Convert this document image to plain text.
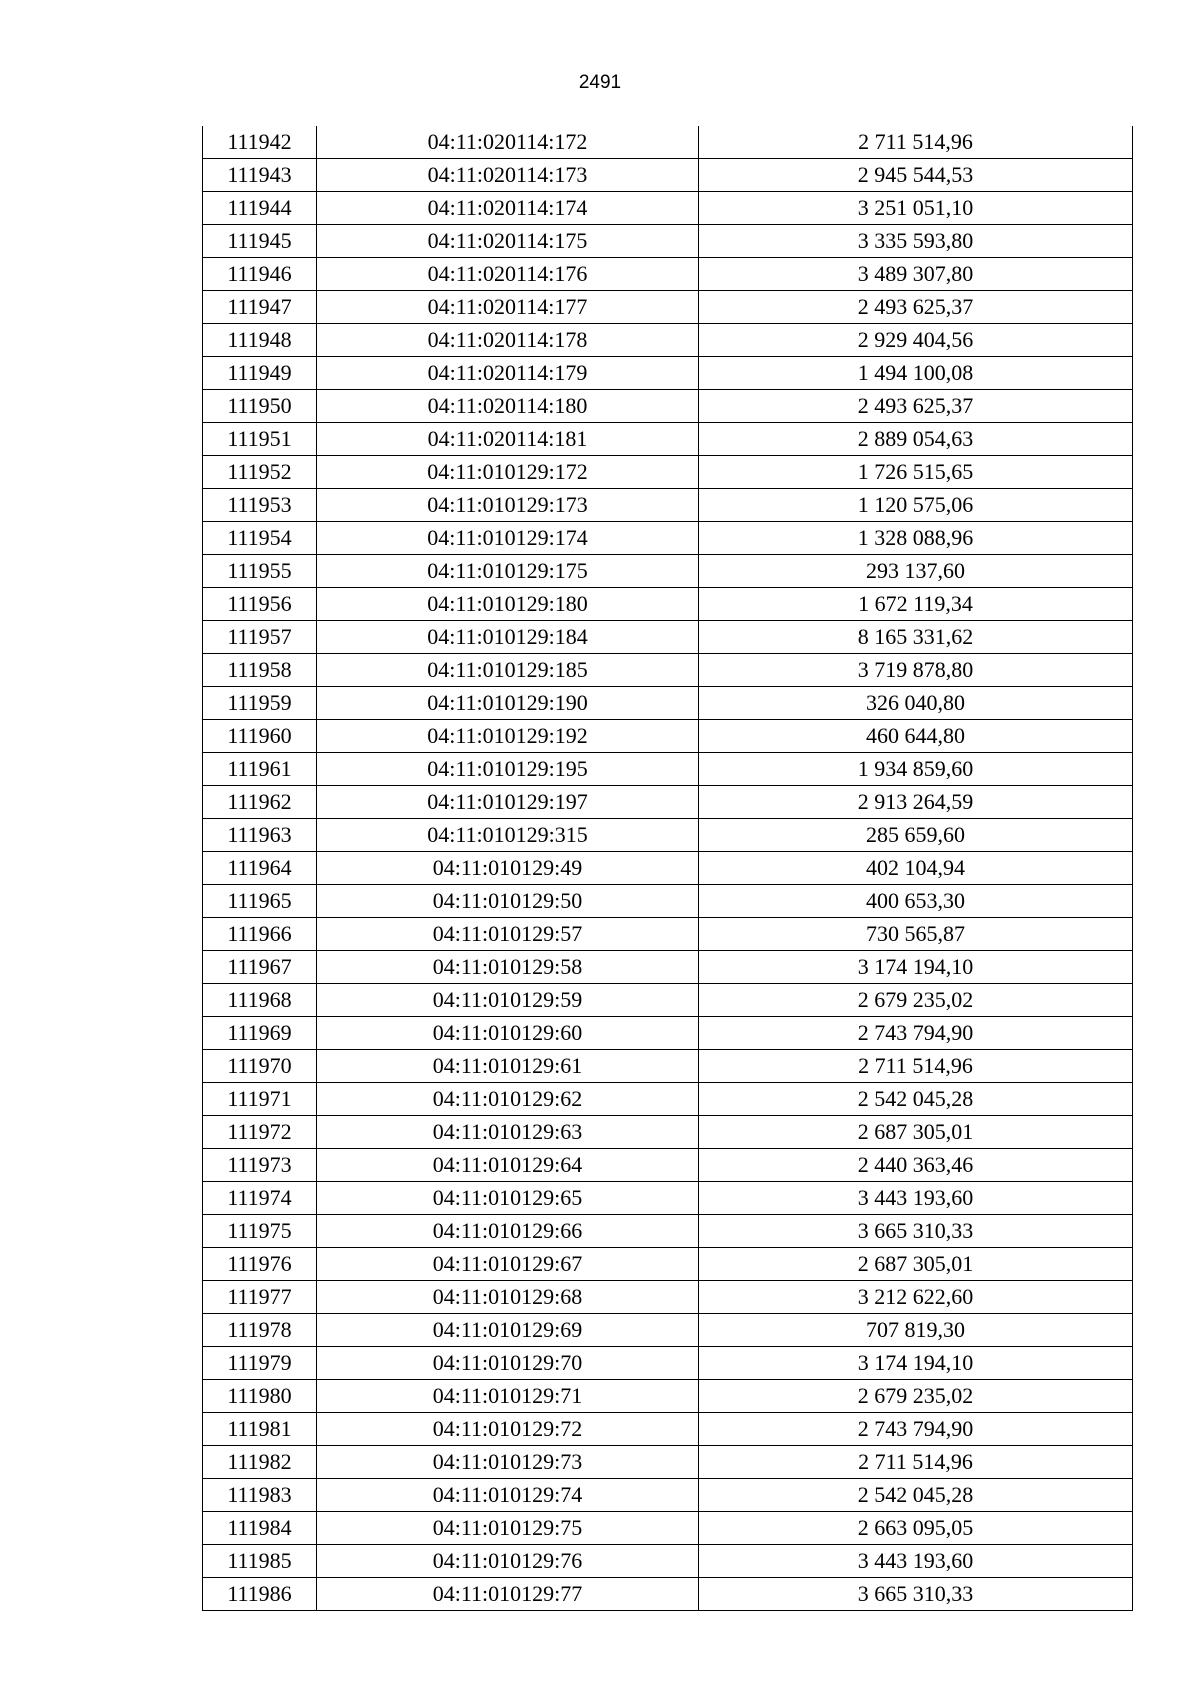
2491
111942	04:11:020114:172	2 711 514,96
111943	04:11:020114:173	2 945 544,53
111944	04:11:020114:174	3 251 051,10
111945	04:11:020114:175	3 335 593,80
111946	04:11:020114:176	3 489 307,80
111947	04:11:020114:177	2 493 625,37
111948	04:11:020114:178	2 929 404,56
111949	04:11:020114:179	1 494 100,08
111950	04:11:020114:180	2 493 625,37
111951	04:11:020114:181	2 889 054,63
111952	04:11:010129:172	1 726 515,65
111953	04:11:010129:173	1 120 575,06
111954	04:11:010129:174	1 328 088,96
111955	04:11:010129:175	293 137,60
111956	04:11:010129:180	1 672 119,34
111957	04:11:010129:184	8 165 331,62
111958	04:11:010129:185	3 719 878,80
111959	04:11:010129:190	326 040,80
111960	04:11:010129:192	460 644,80
111961	04:11:010129:195	1 934 859,60
111962	04:11:010129:197	2 913 264,59
111963	04:11:010129:315	285 659,60
111964	04:11:010129:49	402 104,94
111965	04:11:010129:50	400 653,30
111966	04:11:010129:57	730 565,87
111967	04:11:010129:58	3 174 194,10
111968	04:11:010129:59	2 679 235,02
111969	04:11:010129:60	2 743 794,90
111970	04:11:010129:61	2 711 514,96
111971	04:11:010129:62	2 542 045,28
111972	04:11:010129:63	2 687 305,01
111973	04:11:010129:64	2 440 363,46
111974	04:11:010129:65	3 443 193,60
111975	04:11:010129:66	3 665 310,33
111976	04:11:010129:67	2 687 305,01
111977	04:11:010129:68	3 212 622,60
111978	04:11:010129:69	707 819,30
111979	04:11:010129:70	3 174 194,10
111980	04:11:010129:71	2 679 235,02
111981	04:11:010129:72	2 743 794,90
111982	04:11:010129:73	2 711 514,96
111983	04:11:010129:74	2 542 045,28
111984	04:11:010129:75	2 663 095,05
111985	04:11:010129:76	3 443 193,60
111986	04:11:010129:77	3 665 310,33
